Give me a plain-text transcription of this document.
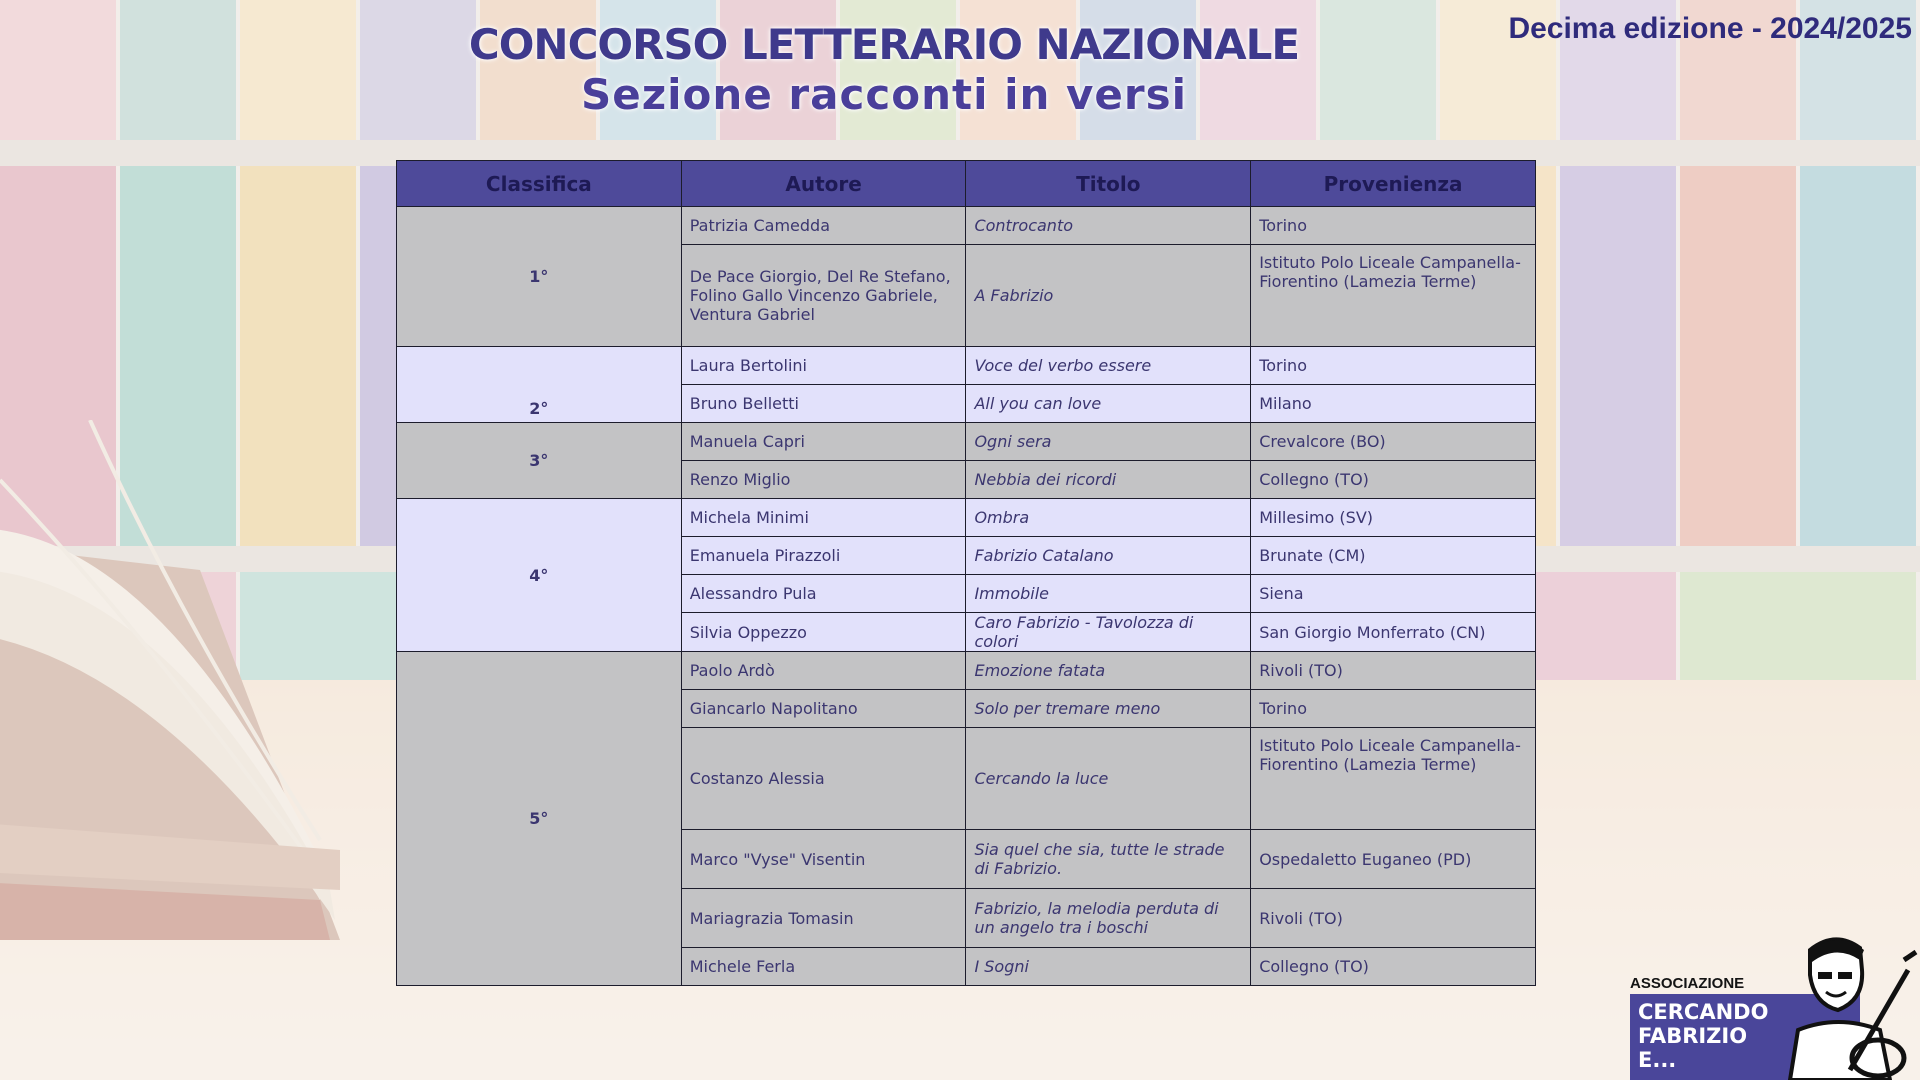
CONCORSO LETTERARIO NAZIONALE
Sezione racconti in versi
Decima edizione - 2024/2025
Classifica	Autore	Titolo	Provenienza
1°	Patrizia Camedda	Controcanto	Torino
	De Pace Giorgio, Del Re Stefano, Folino Gallo Vincenzo Gabriele, Ventura Gabriel	A Fabrizio	Istituto Polo Liceale Campanella-Fiorentino (Lamezia Terme)
2°	Laura Bertolini	Voce del verbo essere	Torino
	Bruno Belletti	All you can love	Milano
3°	Manuela Capri	Ogni sera	Crevalcore (BO)
	Renzo Miglio	Nebbia dei ricordi	Collegno (TO)
4°	Michela Minimi	Ombra	Millesimo (SV)
	Emanuela Pirazzoli	Fabrizio Catalano	Brunate (CM)
	Alessandro Pula	Immobile	Siena
	Silvia Oppezzo	Caro Fabrizio - Tavolozza di colori	San Giorgio Monferrato (CN)
5°	Paolo Ardò	Emozione fatata	Rivoli (TO)
	Giancarlo Napolitano	Solo per tremare meno	Torino
	Costanzo Alessia	Cercando la luce	Istituto Polo Liceale Campanella-Fiorentino (Lamezia Terme)
	Marco "Vyse" Visentin	Sia quel che sia, tutte le strade di Fabrizio.	Ospedaletto Euganeo (PD)
	Mariagrazia Tomasin	Fabrizio, la melodia perduta di un angelo tra i boschi	Rivoli (TO)
	Michele Ferla	I Sogni	Collegno (TO)
ASSOCIAZIONE
CERCANDO
FABRIZIO
E...
